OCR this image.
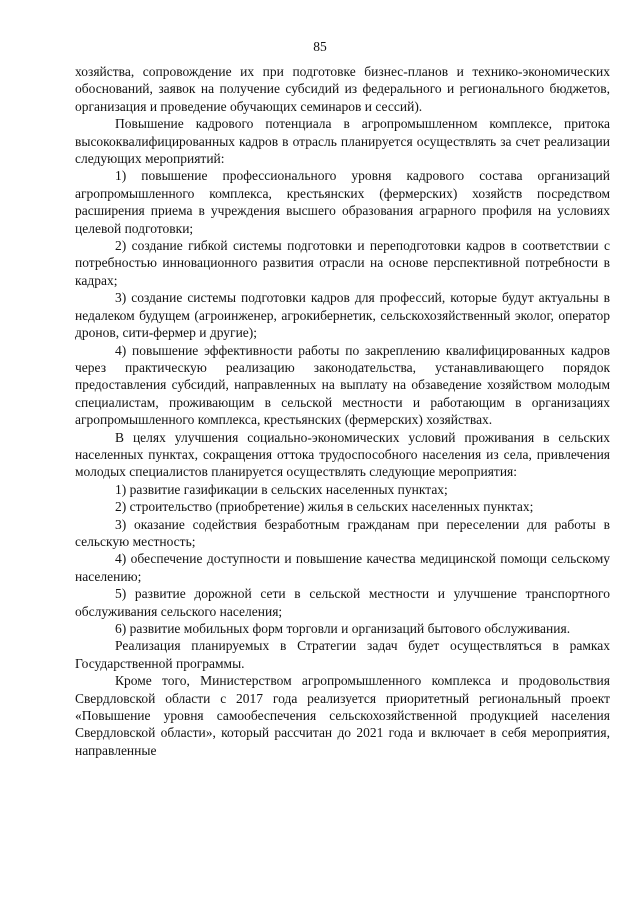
85

хозяйства, сопровождение их при подготовке бизнес-планов и технико-экономических обоснований, заявок на получение субсидий из федерального и регионального бюджетов, организация и проведение обучающих семинаров и сессий).

Повышение кадрового потенциала в агропромышленном комплексе, притока высококвалифицированных кадров в отрасль планируется осуществлять за счет реализации следующих мероприятий:

1) повышение профессионального уровня кадрового состава организаций агропромышленного комплекса, крестьянских (фермерских) хозяйств посредством расширения приема в учреждения высшего образования аграрного профиля на условиях целевой подготовки;

2) создание гибкой системы подготовки и переподготовки кадров в соответствии с потребностью инновационного развития отрасли на основе перспективной потребности в кадрах;

3) создание системы подготовки кадров для профессий, которые будут актуальны в недалеком будущем (агроинженер, агрокибернетик, сельскохозяйственный эколог, оператор дронов, сити-фермер и другие);

4) повышение эффективности работы по закреплению квалифицированных кадров через практическую реализацию законодательства, устанавливающего порядок предоставления субсидий, направленных на выплату на обзаведение хозяйством молодым специалистам, проживающим в сельской местности и работающим в организациях агропромышленного комплекса, крестьянских (фермерских) хозяйствах.

В целях улучшения социально-экономических условий проживания в сельских населенных пунктах, сокращения оттока трудоспособного населения из села, привлечения молодых специалистов планируется осуществлять следующие мероприятия:

1) развитие газификации в сельских населенных пунктах;

2) строительство (приобретение) жилья в сельских населенных пунктах;

3) оказание содействия безработным гражданам при переселении для работы в сельскую местность;

4) обеспечение доступности и повышение качества медицинской помощи сельскому населению;

5) развитие дорожной сети в сельской местности и улучшение транспортного обслуживания сельского населения;

6) развитие мобильных форм торговли и организаций бытового обслуживания.

Реализация планируемых в Стратегии задач будет осуществляться в рамках Государственной программы.

Кроме того, Министерством агропромышленного комплекса и продовольствия Свердловской области с 2017 года реализуется приоритетный региональный проект «Повышение уровня самообеспечения сельскохозяйственной продукцией населения Свердловской области», который рассчитан до 2021 года и включает в себя мероприятия, направленные
